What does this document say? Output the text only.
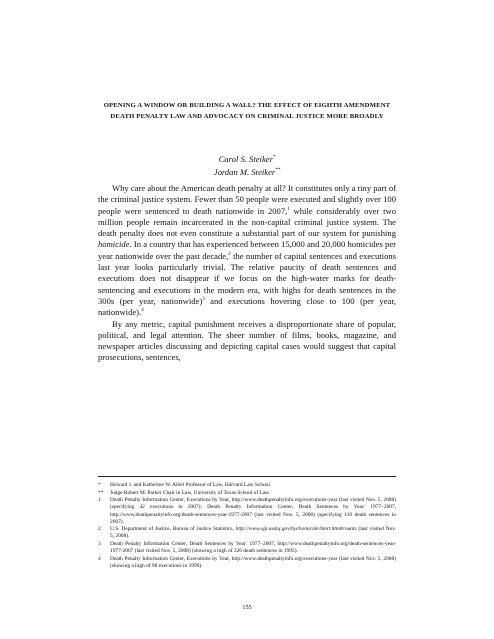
OPENING A WINDOW OR BUILDING A WALL? THE EFFECT OF EIGHTH AMENDMENT DEATH PENALTY LAW AND ADVOCACY ON CRIMINAL JUSTICE MORE BROADLY
Carol S. Steiker*
Jordan M. Steiker**

Why care about the American death penalty at all? It constitutes only a tiny part of the criminal justice system. Fewer than 50 people were executed and slightly over 100 people were sentenced to death nationwide in 2007,$^1$ while considerably over two million people remain incarcerated in the non-capital criminal justice system. The death penalty does not even constitute a substantial part of our system for punishing homicide. In a country that has experienced between 15,000 and 20,000 homicides per year nationwide over the past decade,$^2$ the number of capital sentences and executions last year looks particularly trivial. The relative paucity of death sentences and executions does not disappear if we focus on the high-water marks for death-sentencing and executions in the modern era, with highs for death sentences in the 300s (per year, nationwide)$^3$ and executions hovering close to 100 (per year, nationwide).$^4$

By any metric, capital punishment receives a disproportionate share of popular, political, and legal attention. The sheer number of films, books, magazine, and newspaper articles discussing and depicting capital cases would suggest that capital prosecutions, sentences,

*	Howard J. and Katherine W. Aibel Professor of Law, Harvard Law School.
**	Judge Robert M. Parker Chair in Law, University of Texas School of Law.
1	Death Penalty Information Center, Executions by Year, http://www.deathpenaltyinfo.org/executions-year (last visited Nov. 5, 2008) (specifying 42 executions in 2007); Death Penalty Information Center, Death Sentences by Year: 1977–2007, http://www.deathpenaltyinfo.org/death-sentences-year-1977-2007 (last visited Nov. 5, 2008) (specifying 110 death sentences in 2007).
2	U.S. Department of Justice, Bureau of Justice Statistics, http://www.ojp.usdoj.gov/bjs/homicide/hmrt.htm#counts (last visited Nov. 5, 2008).
3	Death Penalty Information Center, Death Sentences by Year: 1977–2007, http://www.deathpenaltyinfo.org/death-sentences-year-1977-2007 (last visited Nov. 5, 2008) (showing a high of 326 death sentences in 1995).
4	Death Penalty Information Center, Executions by Year, http://www.deathpenaltyinfo.org/executions-year (last visited Nov. 5, 2008) (showing a high of 98 executions in 1999).
155
